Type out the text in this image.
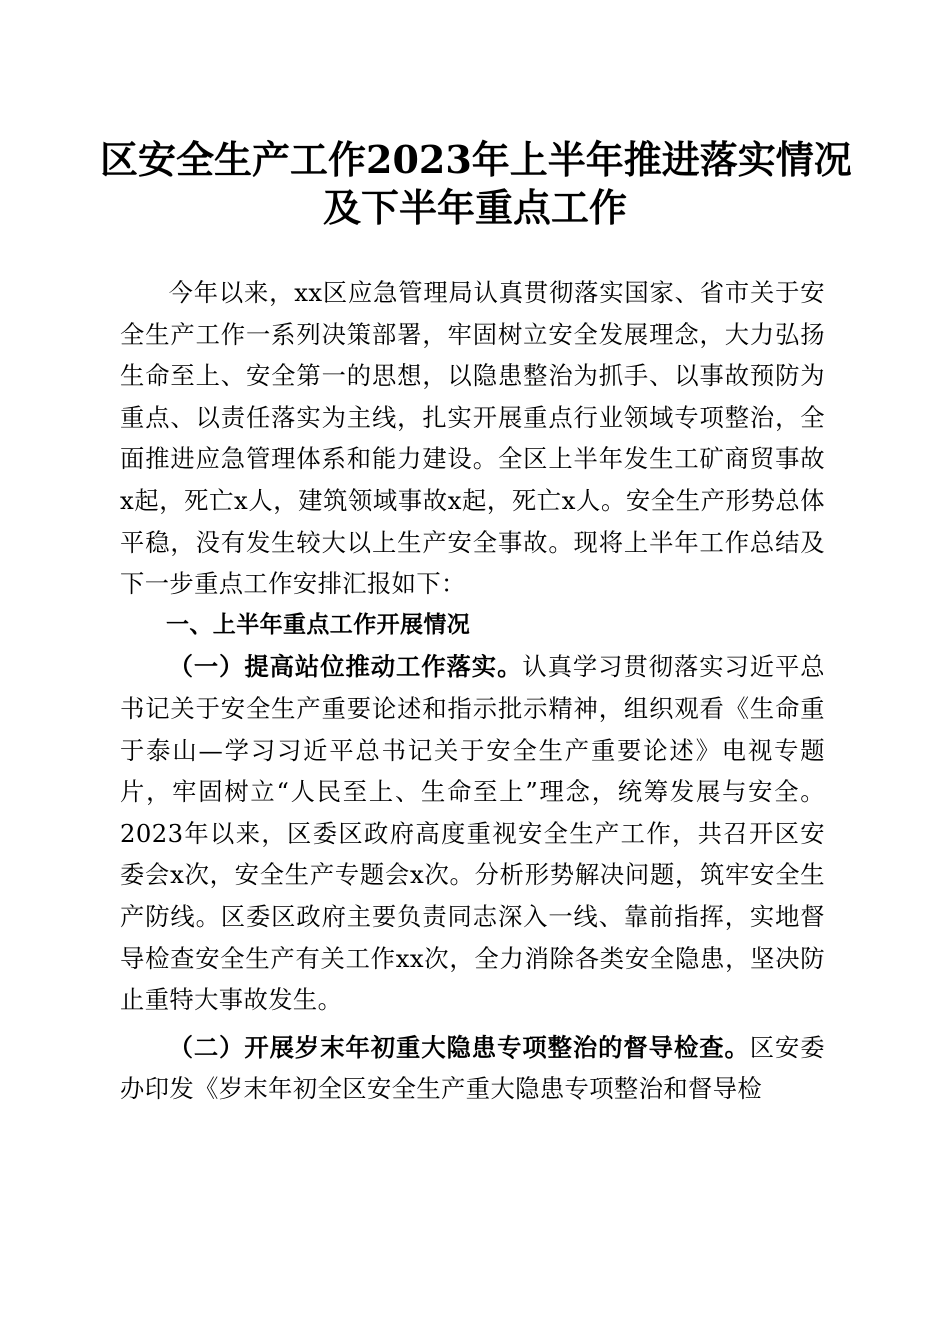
区安全生产工作2023年上半年推进落实情况
及下半年重点工作

今年以来，xx区应急管理局认真贯彻落实国家、省市关于安全生产工作一系列决策部署，牢固树立安全发展理念，大力弘扬生命至上、安全第一的思想，以隐患整治为抓手、以事故预防为重点、以责任落实为主线，扎实开展重点行业领域专项整治，全面推进应急管理体系和能力建设。全区上半年发生工矿商贸事故x起，死亡x人，建筑领域事故x起，死亡x人。安全生产形势总体平稳，没有发生较大以上生产安全事故。现将上半年工作总结及下一步重点工作安排汇报如下：

一、上半年重点工作开展情况

（一）提高站位推动工作落实。认真学习贯彻落实习近平总书记关于安全生产重要论述和指示批示精神，组织观看《生命重于泰山—学习习近平总书记关于安全生产重要论述》电视专题片，牢固树立“人民至上、生命至上”理念，统筹发展与安全。2023年以来，区委区政府高度重视安全生产工作，共召开区安委会x次，安全生产专题会x次。分析形势解决问题，筑牢安全生产防线。区委区政府主要负责同志深入一线、靠前指挥，实地督导检查安全生产有关工作xx次，全力消除各类安全隐患，坚决防止重特大事故发生。

（二）开展岁末年初重大隐患专项整治的督导检查。区安委办印发《岁末年初全区安全生产重大隐患专项整治和督导检
